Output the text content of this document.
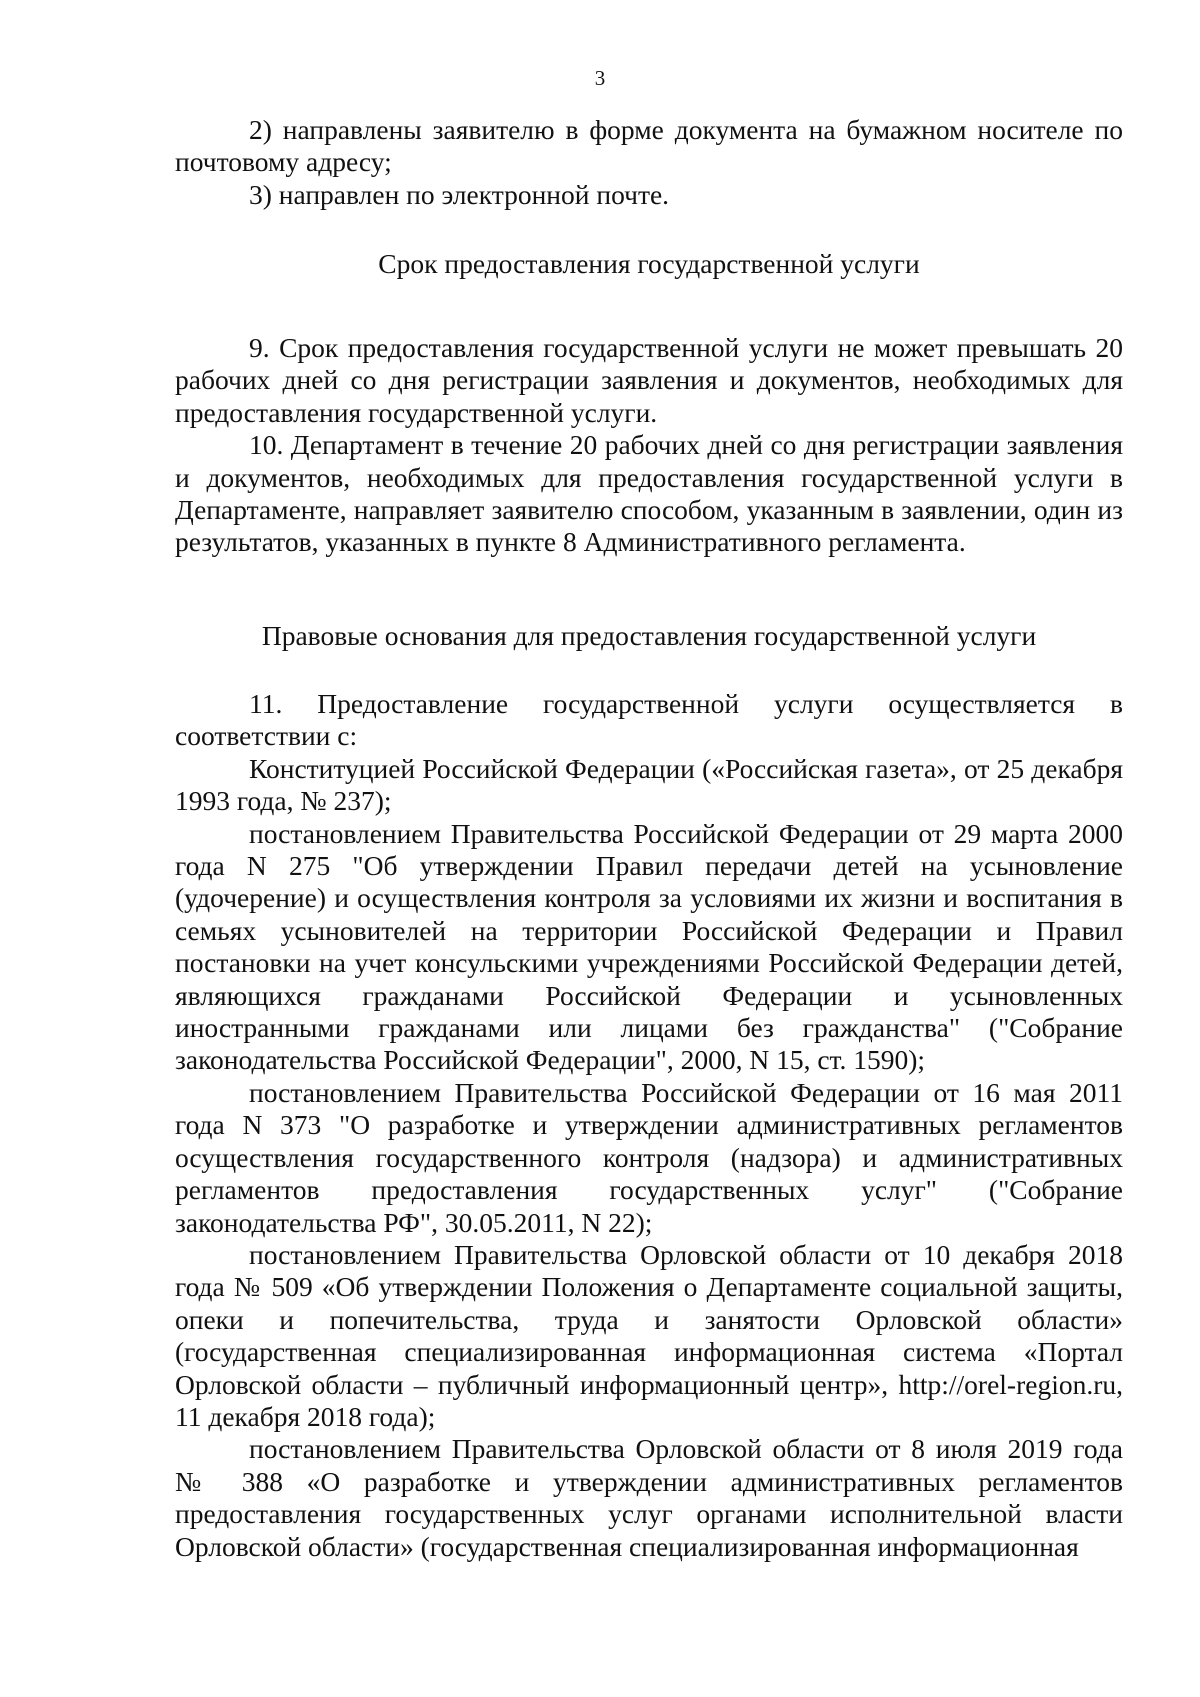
3

2) направлены заявителю в форме документа на бумажном носителе по почтовому адресу;

3) направлен по электронной почте.

Срок предоставления государственной услуги

9. Срок предоставления государственной услуги не может превышать 20 рабочих дней со дня регистрации заявления и документов, необходимых для предоставления государственной услуги.

10. Департамент в течение 20 рабочих дней со дня регистрации заявления и документов, необходимых для предоставления государственной услуги в Департаменте, направляет заявителю способом, указанным в заявлении, один из результатов, указанных в пункте 8 Административного регламента.

Правовые основания для предоставления государственной услуги

11. Предоставление государственной услуги осуществляется в соответствии с:

Конституцией Российской Федерации («Российская газета», от 25 декабря 1993 года, № 237);

постановлением Правительства Российской Федерации от 29 марта 2000 года N 275 "Об утверждении Правил передачи детей на усыновление (удочерение) и осуществления контроля за условиями их жизни и воспитания в семьях усыновителей на территории Российской Федерации и Правил постановки на учет консульскими учреждениями Российской Федерации детей, являющихся гражданами Российской Федерации и усыновленных иностранными гражданами или лицами без гражданства" ("Собрание законодательства Российской Федерации", 2000, N 15, ст. 1590);

постановлением Правительства Российской Федерации от 16 мая 2011 года N 373 "О разработке и утверждении административных регламентов осуществления государственного контроля (надзора) и административных регламентов предоставления государственных услуг" ("Собрание законодательства РФ", 30.05.2011, N 22);

постановлением Правительства Орловской области от 10 декабря 2018 года № 509 «Об утверждении Положения о Департаменте социальной защиты, опеки и попечительства, труда и занятости Орловской области» (государственная специализированная информационная система «Портал Орловской области – публичный информационный центр», http://orel-region.ru, 11 декабря 2018 года);

постановлением Правительства Орловской области от 8 июля 2019 года № 388 «О разработке и утверждении административных регламентов предоставления государственных услуг органами исполнительной власти Орловской области» (государственная специализированная информационная
